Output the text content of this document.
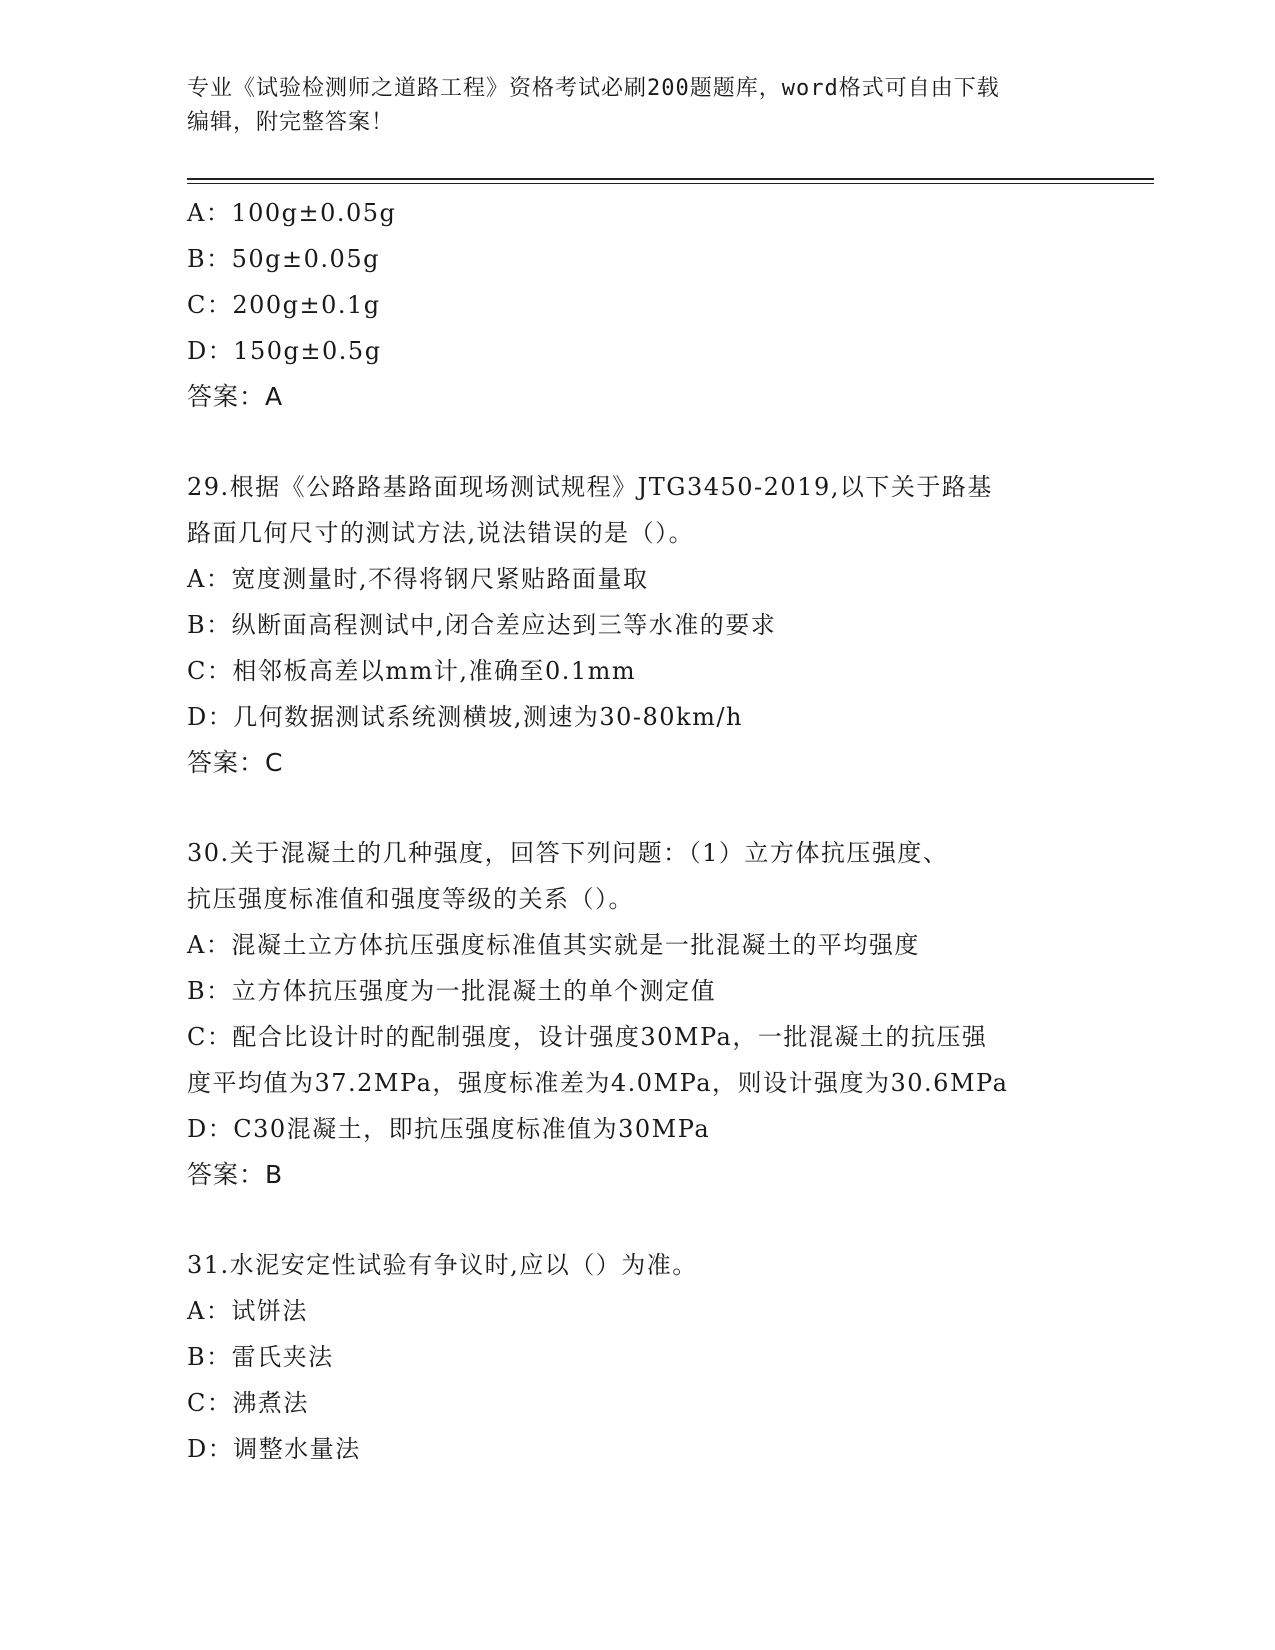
专业《试验检测师之道路工程》资格考试必刷200题题库，word格式可自由下载
编辑，附完整答案！
A：100g±0.05g
B：50g±0.05g
C：200g±0.1g
D：150g±0.5g
答案：A
29.根据《公路路基路面现场测试规程》JTG3450-2019,以下关于路基
路面几何尺寸的测试方法,说法错误的是（）。
A：宽度测量时,不得将钢尺紧贴路面量取
B：纵断面高程测试中,闭合差应达到三等水准的要求
C：相邻板高差以mm计,准确至0.1mm
D：几何数据测试系统测横坡,测速为30-80km/h
答案：C
30.关于混凝土的几种强度，回答下列问题：（1）立方体抗压强度、
抗压强度标准值和强度等级的关系（）。
A：混凝土立方体抗压强度标准值其实就是一批混凝土的平均强度
B：立方体抗压强度为一批混凝土的单个测定值
C：配合比设计时的配制强度，设计强度30MPa，一批混凝土的抗压强
度平均值为37.2MPa，强度标准差为4.0MPa，则设计强度为30.6MPa
D：C30混凝土，即抗压强度标准值为30MPa
答案：B
31.水泥安定性试验有争议时,应以（）为准。
A：试饼法
B：雷氏夹法
C：沸煮法
D：调整水量法
